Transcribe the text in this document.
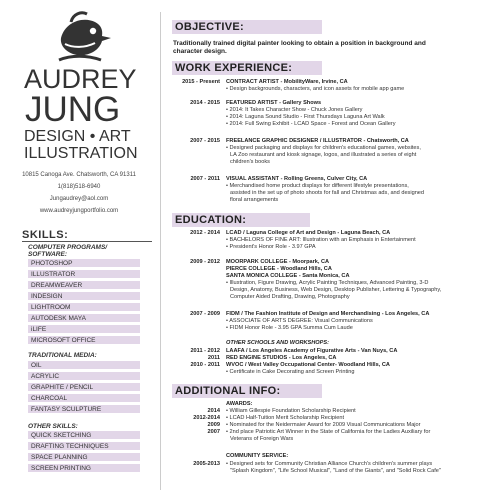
AUDREY
JUNG
DESIGN • ART
ILLUSTRATION
10815 Canoga Ave. Chatsworth, CA 91311
1(818)518-6940
Jungaudrey@aol.com
www.audreyjungportfolio.com
SKILLS:
COMPUTER PROGRAMS/
SOFTWARE:
PHOTOSHOP
ILLUSTRATOR
DREAMWEAVER
INDESIGN
LIGHTROOM
AUTODESK MAYA
iLIFE
MICROSOFT OFFICE
TRADITIONAL MEDIA:
OIL
ACRYLIC
GRAPHITE / PENCIL
CHARCOAL
FANTASY SCULPTURE
OTHER SKILLS:
QUICK SKETCHING
DRAFTING TECHNIQUES
SPACE PLANNING
SCREEN PRINTING
OBJECTIVE:
Traditionally trained digital painter looking to obtain a position in background and
character design.
WORK EXPERIENCE:
2015 - Present CONTRACT ARTIST - MobilityWare, Irvine, CA
• Design backgrounds, characters, and icon assets for mobile app game
2014 - 2015 FEATURED ARTIST - Gallery Shows
• 2014: It Takes Character Show - Chuck Jones Gallery
• 2014: Laguna Sound Studio - First Thursdays Laguna Art Walk
• 2014: Full Swing Exhibit - LCAD Space - Forest and Ocean Gallery
2007 - 2015 FREELANCE GRAPHIC DESIGNER / ILLUSTRATOR - Chatsworth, CA
• Designed packaging and displays for children's educational games, websites,
LA Zoo restaurant and kiosk signage, logos, and illustrated a series of eight
children's books
2007 - 2011 VISUAL ASSISTANT - Rolling Greens, Culver City, CA
• Merchandised home product displays for different lifestyle presentations,
assisted in the set up of photo shoots for fall and Christmas ads, and designed
floral arrangements
EDUCATION:
2012 - 2014 LCAD / Laguna College of Art and Design - Laguna Beach, CA
• BACHELORS OF FINE ART: Illustration with an Emphasis in Entertainment
• President's Honor Role - 3.97 GPA
2009 - 2012 MOORPARK COLLEGE - Moorpark, CA
PIERCE COLLEGE - Woodland Hills, CA
SANTA MONICA COLLEGE - Santa Monica, CA
• Illustration, Figure Drawing, Acrylic Painting Techniques, Advanced Painting, 3-D
Design, Anatomy, Business, Web Design, Desktop Publisher, Lettering & Typography,
Computer Aided Drafting, Drawing, Photography
2007 - 2009 FIDM / The Fashion Institute of Design and Merchandising - Los Angeles, CA
• ASSOCIATE OF ARTS DEGREE: Visual Communications
• FIDM Honor Role - 3.95 GPA Summa Cum Laude
OTHER SCHOOLS AND WORKSHOPS:
2011 - 2012 LAAFA / Los Angeles Academy of Figurative Arts - Van Nuys, CA
2011 RED ENGINE STUDIOS - Los Angeles, CA
2010 - 2011 WVOC / West Valley Occupational Center- Woodland Hills, CA
• Certificate in Cake Decorating and Screen Printing
ADDITIONAL INFO:
AWARDS:
2014 • William Gillespie Foundation Scholarship Recipient
2012-2014 • LCAD Half-Tuition Merit Scholarship Recipient
2009 • Nominated for the Neidermaier Award for 2009 Visual Communications Major
2007 • 2nd place Patriotic Art Winner in the State of California for the Ladies Auxiliary for
Veterans of Foreign Wars
COMMUNITY SERVICE:
2005-2013 • Designed sets for Community Christian Alliance Church's children's summer plays
"Splash Kingdom", "Life School Musical", "Land of the Giants", and "Solid Rock Cafe"
